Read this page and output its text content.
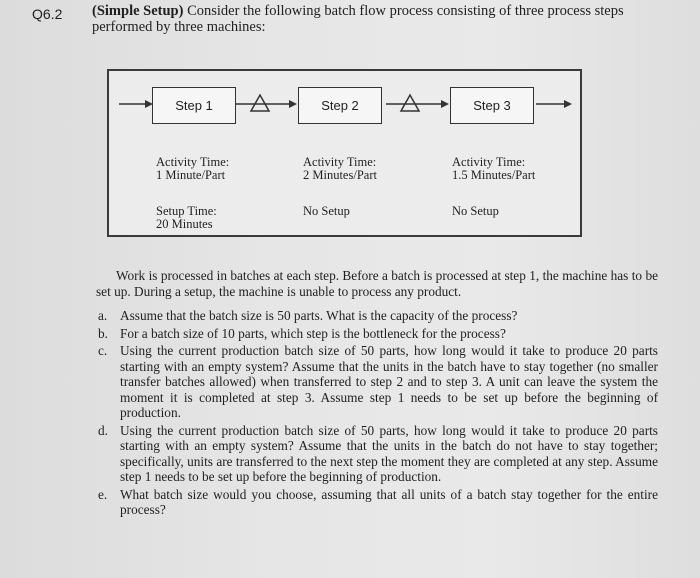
Q6.2 (Simple Setup) Consider the following batch flow process consisting of three process steps performed by three machines:
Step 1	Step 2	Step 3
Activity Time:
1 Minute/Part
Activity Time:
2 Minutes/Part
Activity Time:
1.5 Minutes/Part
Setup Time:
20 Minutes
No Setup	No Setup

Work is processed in batches at each step. Before a batch is processed at step 1, the machine has to be set up. During a setup, the machine is unable to process any product.

a. Assume that the batch size is 50 parts. What is the capacity of the process?
b. For a batch size of 10 parts, which step is the bottleneck for the process?
c. Using the current production batch size of 50 parts, how long would it take to produce 20 parts starting with an empty system? Assume that the units in the batch have to stay together (no smaller transfer batches allowed) when transferred to step 2 and to step 3. A unit can leave the system the moment it is completed at step 3. Assume step 1 needs to be set up before the beginning of production.
d. Using the current production batch size of 50 parts, how long would it take to produce 20 parts starting with an empty system? Assume that the units in the batch do not have to stay together; specifically, units are transferred to the next step the moment they are completed at any step. Assume step 1 needs to be set up before the beginning of production.
e. What batch size would you choose, assuming that all units of a batch stay together for the entire process?
